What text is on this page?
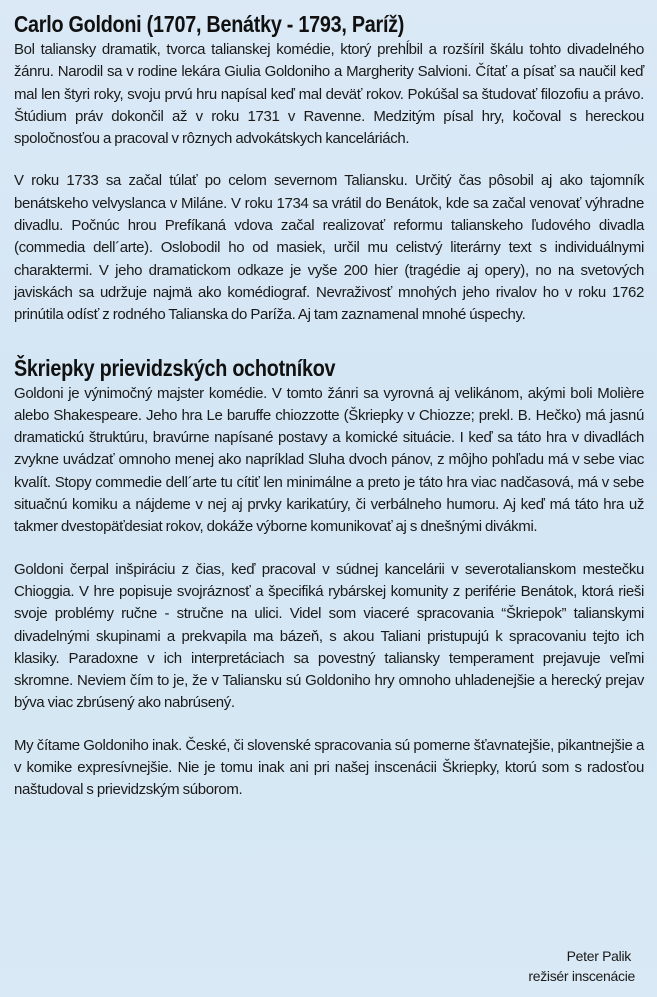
Carlo Goldoni (1707, Benátky - 1793, Paríž)

Bol taliansky dramatik, tvorca talianskej komédie, ktorý prehĺbil a rozšíril škálu tohto divadelného žánru. Narodil sa v rodine lekára Giulia Goldoniho a Margherity Salvioni. Čítať a písať sa naučil keď mal len štyri roky, svoju prvú hru napísal keď mal deväť rokov. Pokúšal sa študovať filozofiu a právo. Štúdium práv dokončil až v roku 1731 v Ravenne. Medzitým písal hry, kočoval s hereckou spoločnosťou a pracoval v rôznych advokátskych kanceláriách.

V roku 1733 sa začal túlať po celom severnom Taliansku. Určitý čas pôsobil aj ako tajomník benátskeho velvyslanca v Miláne. V roku 1734 sa vrátil do Benátok, kde sa začal venovať výhradne divadlu. Počnúc hrou Prefíkaná vdova začal realizovať reformu talianskeho ľudového divadla (commedia dell´arte). Oslobodil ho od masiek, určil mu celistvý literárny text s individuálnymi charaktermi. V jeho dramatickom odkaze je vyše 200 hier (tragédie aj opery), no na svetových javiskách sa udržuje najmä ako komédiograf. Nevraživosť mnohých jeho rivalov ho v roku 1762 prinútila odísť z rodného Talianska do Paríža. Aj tam zaznamenal mnohé úspechy.

Škriepky prievidzských ochotníkov

Goldoni je výnimočný majster komédie. V tomto žánri sa vyrovná aj velikánom, akými boli Molière alebo Shakespeare. Jeho hra Le baruffe chiozzotte (Škriepky v Chiozze; prekl. B. Hečko) má jasnú dramatickú štruktúru, bravúrne napísané postavy a komické situácie. I keď sa táto hra v divadlách zvykne uvádzať omnoho menej ako napríklad Sluha dvoch pánov, z môjho pohľadu má v sebe viac kvalít. Stopy commedie dell´arte tu cítiť len minimálne a preto je táto hra viac nadčasová, má v sebe situačnú komiku a nájdeme v nej aj prvky karikatúry, či verbálneho humoru. Aj keď má táto hra už takmer dvestopäťdesiat rokov, dokáže výborne komunikovať aj s dnešnými divákmi.

Goldoni čerpal inšpiráciu z čias, keď pracoval v súdnej kancelárii v severotalianskom mestečku Chioggia. V hre popisuje svojráznosť a špecifiká rybárskej komunity z periférie Benátok, ktorá rieši svoje problémy ručne - stručne na ulici. Videl som viaceré spracovania “Škriepok” talianskymi divadelnými skupinami a prekvapila ma bázeň, s akou Taliani pristupujú k spracovaniu tejto ich klasiky. Paradoxne v ich interpretáciach sa povestný taliansky temperament prejavuje veľmi skromne. Neviem čím to je, že v Taliansku sú Goldoniho hry omnoho uhladenejšie a herecký prejav býva viac zbrúsený ako nabrúsený.

My čítame Goldoniho inak. České, či slovenské spracovania sú pomerne šťavnatejšie, pikantnejšie a v komike expresívnejšie. Nie je tomu inak ani pri našej inscenácii Škriepky, ktorú som s radosťou naštudoval s prievidzským súborom.

Peter Palik
režisér inscenácie
